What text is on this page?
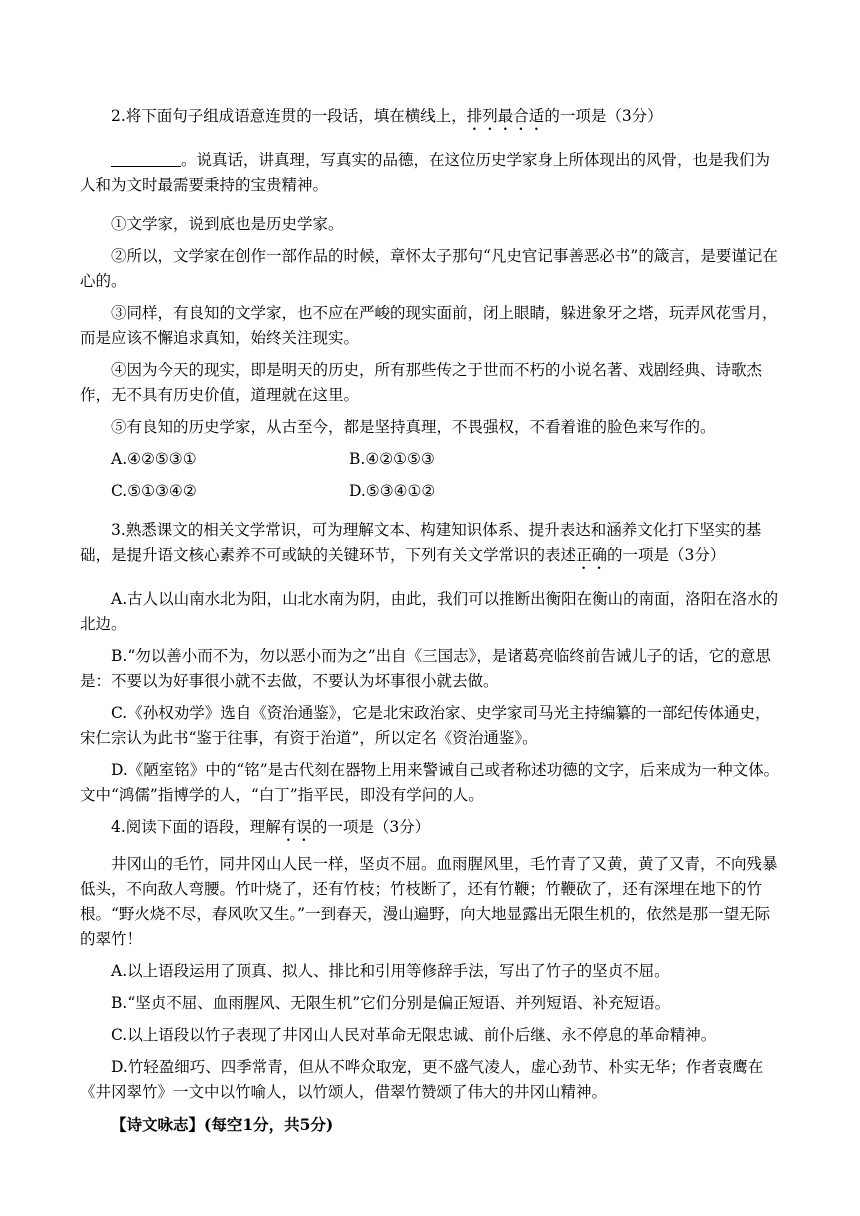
2.将下面句子组成语意连贯的一段话，填在横线上，排列最合适的一项是（3分）

。说真话，讲真理，写真实的品德，在这位历史学家身上所体现出的风骨，也是我们为人和为文时最需要秉持的宝贵精神。

①文学家，说到底也是历史学家。

②所以，文学家在创作一部作品的时候，章怀太子那句“凡史官记事善恶必书”的箴言，是要谨记在心的。

③同样，有良知的文学家，也不应在严峻的现实面前，闭上眼睛，躲进象牙之塔，玩弄风花雪月，而是应该不懈追求真知，始终关注现实。

④因为今天的现实，即是明天的历史，所有那些传之于世而不朽的小说名著、戏剧经典、诗歌杰作，无不具有历史价值，道理就在这里。

⑤有良知的历史学家，从古至今，都是坚持真理，不畏强权，不看着谁的脸色来写作的。

A.④②⑤③①	B.④②①⑤③

C.⑤①③④②	D.⑤③④①②

3.熟悉课文的相关文学常识，可为理解文本、构建知识体系、提升表达和涵养文化打下坚实的基础，是提升语文核心素养不可或缺的关键环节，下列有关文学常识的表述正确的一项是（3分）

A.古人以山南水北为阳，山北水南为阴，由此，我们可以推断出衡阳在衡山的南面，洛阳在洛水的北边。

B.“勿以善小而不为，勿以恶小而为之”出自《三国志》，是诸葛亮临终前告诫儿子的话，它的意思是：不要以为好事很小就不去做，不要认为坏事很小就去做。

C.《孙权劝学》选自《资治通鉴》，它是北宋政治家、史学家司马光主持编纂的一部纪传体通史，宋仁宗认为此书“鉴于往事，有资于治道”，所以定名《资治通鉴》。

D.《陋室铭》中的“铭”是古代刻在器物上用来警诫自己或者称述功德的文字，后来成为一种文体。文中“鸿儒”指博学的人，“白丁”指平民，即没有学问的人。

4.阅读下面的语段，理解有误的一项是（3分）

井冈山的毛竹，同井冈山人民一样，坚贞不屈。血雨腥风里，毛竹青了又黄，黄了又青，不向残暴低头，不向敌人弯腰。竹叶烧了，还有竹枝；竹枝断了，还有竹鞭；竹鞭砍了，还有深埋在地下的竹根。“野火烧不尽，春风吹又生。”一到春天，漫山遍野，向大地显露出无限生机的，依然是那一望无际的翠竹！

A.以上语段运用了顶真、拟人、排比和引用等修辞手法，写出了竹子的坚贞不屈。

B.“坚贞不屈、血雨腥风、无限生机”它们分别是偏正短语、并列短语、补充短语。

C.以上语段以竹子表现了井冈山人民对革命无限忠诚、前仆后继、永不停息的革命精神。

D.竹轻盈细巧、四季常青，但从不哗众取宠，更不盛气凌人，虚心劲节、朴实无华；作者袁鹰在《井冈翠竹》一文中以竹喻人，以竹颂人，借翠竹赞颂了伟大的井冈山精神。

【诗文咏志】(每空1分，共5分)
